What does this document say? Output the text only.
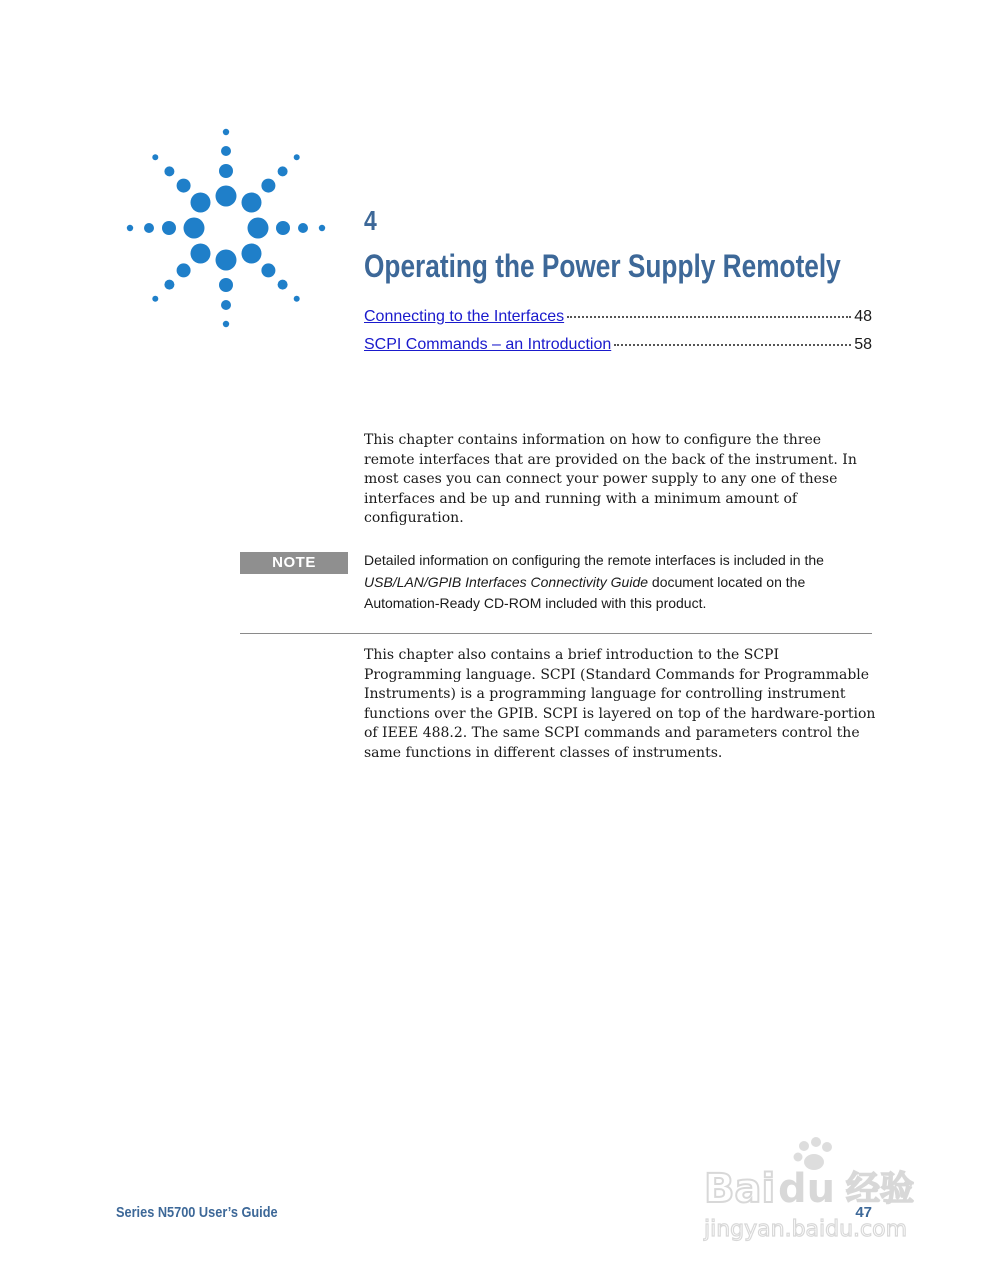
4
Operating the Power Supply Remotely
Connecting to the Interfaces	48
SCPI Commands – an Introduction	58

This chapter contains information on how to configure the three remote interfaces that are provided on the back of the instrument. In most cases you can connect your power supply to any one of these interfaces and be up and running with a minimum amount of configuration.

NOTE	Detailed information on configuring the remote interfaces is included in the USB/LAN/GPIB Interfaces Connectivity Guide document located on the Automation-Ready CD-ROM included with this product.

This chapter also contains a brief introduction to the SCPI Programming language. SCPI (Standard Commands for Programmable Instruments) is a programming language for controlling instrument functions over the GPIB. SCPI is layered on top of the hardware-portion of IEEE 488.2. The same SCPI commands and parameters control the same functions in different classes of instruments.

Series N5700 User’s Guide	47
Bai du 经验
jingyan.baidu.com
